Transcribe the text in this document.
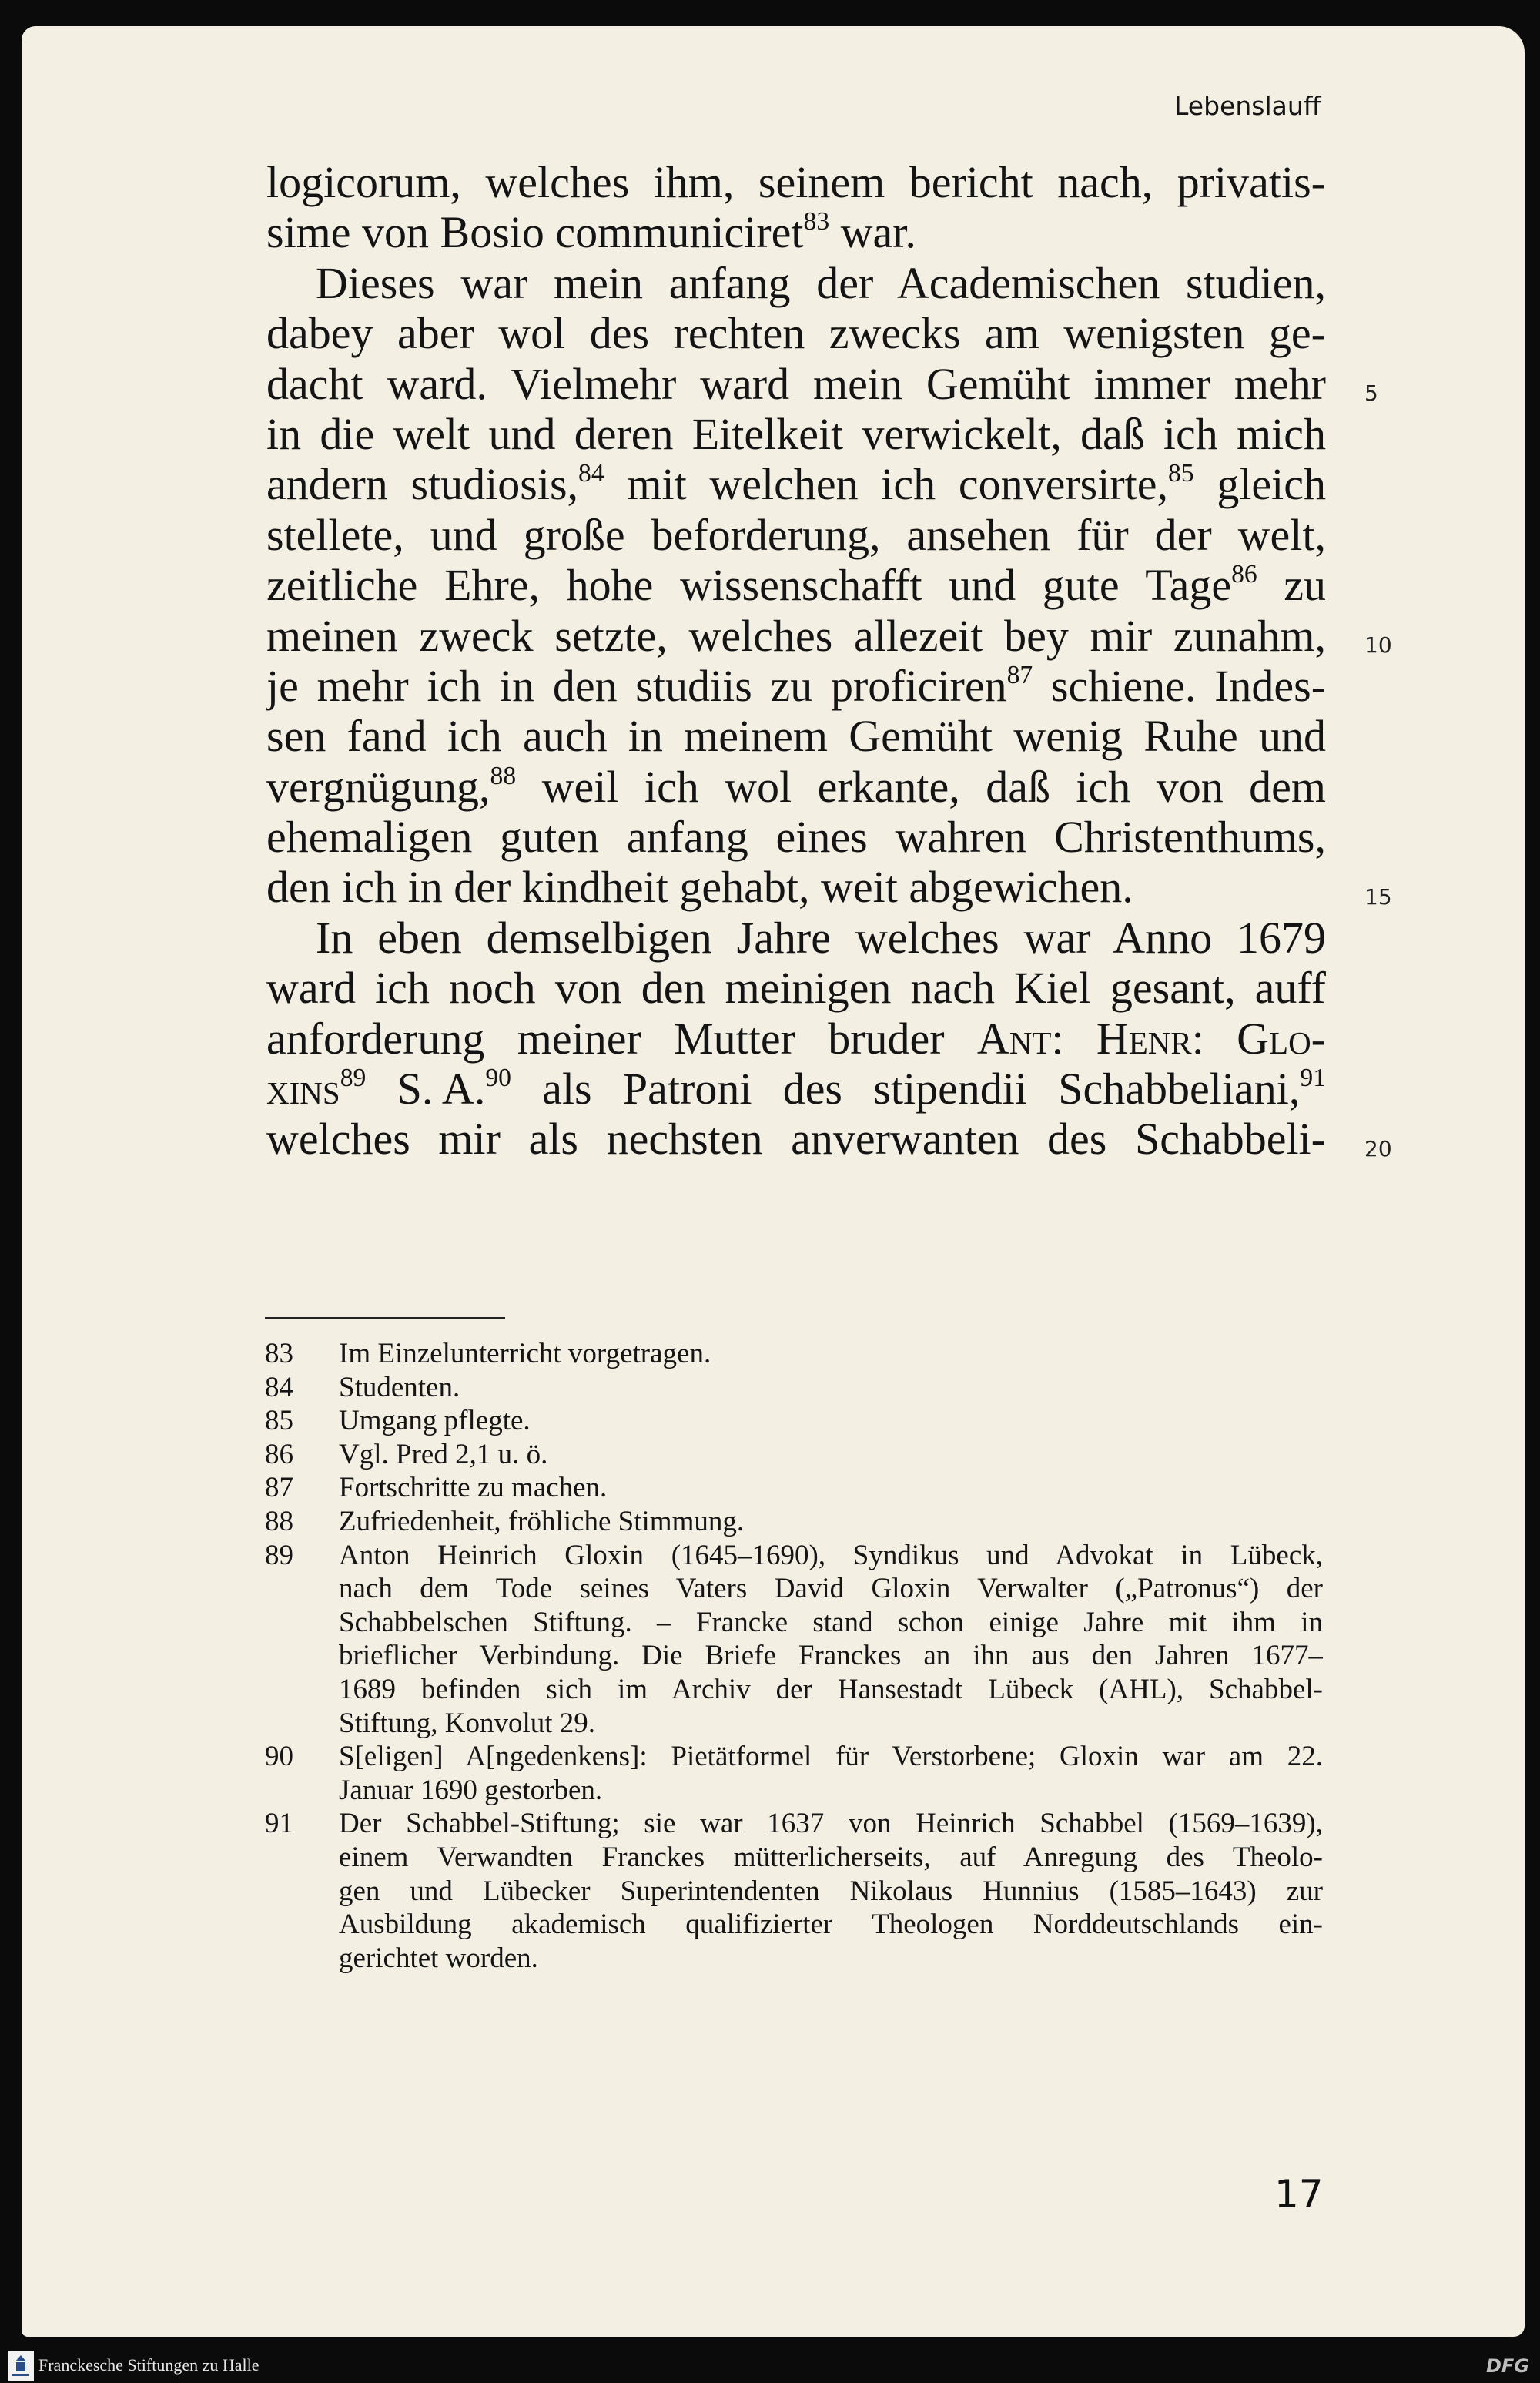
Lebenslauff
logicorum, welches ihm, seinem bericht nach, privatis-
sime von Bosio communiciret$^{83}$ war.
Dieses war mein anfang der Academischen studien,
dabey aber wol des rechten zwecks am wenigsten ge-
dacht ward. Vielmehr ward mein Gemüht immer mehr
in die welt und deren Eitelkeit verwickelt, daß ich mich
andern studiosis,$^{84}$ mit welchen ich conversirte,$^{85}$ gleich
stellete, und große beforderung, ansehen für der welt,
zeitliche Ehre, hohe wissenschafft und gute Tage$^{86}$ zu
meinen zweck setzte, welches allezeit bey mir zunahm,
je mehr ich in den studiis zu proficiren$^{87}$ schiene. Indes-
sen fand ich auch in meinem Gemüht wenig Ruhe und
vergnügung,$^{88}$ weil ich wol erkante, daß ich von dem
ehemaligen guten anfang eines wahren Christenthums,
den ich in der kindheit gehabt, weit abgewichen.
In eben demselbigen Jahre welches war Anno 1679
ward ich noch von den meinigen nach Kiel gesant, auff
anforderung meiner Mutter bruder Ant: Henr: Glo-
xins$^{89}$ S. A.$^{90}$ als Patroni des stipendii Schabbeliani,$^{91}$
welches mir als nechsten anverwanten des Schabbeli-
5
10
15
20
83	Im Einzelunterricht vorgetragen.
84	Studenten.
85	Umgang pflegte.
86	Vgl. Pred 2,1 u. ö.
87	Fortschritte zu machen.
88	Zufriedenheit, fröhliche Stimmung.
89	Anton Heinrich Gloxin (1645–1690), Syndikus und Advokat in Lübeck,
nach dem Tode seines Vaters David Gloxin Verwalter („Patronus“) der
Schabbelschen Stiftung. – Francke stand schon einige Jahre mit ihm in
brieflicher Verbindung. Die Briefe Franckes an ihn aus den Jahren 1677–
1689 befinden sich im Archiv der Hansestadt Lübeck (AHL), Schabbel-
Stiftung, Konvolut 29.
90	S[eligen] A[ngedenkens]: Pietätformel für Verstorbene; Gloxin war am 22.
Januar 1690 gestorben.
91	Der Schabbel-Stiftung; sie war 1637 von Heinrich Schabbel (1569–1639),
einem Verwandten Franckes mütterlicherseits, auf Anregung des Theolo-
gen und Lübecker Superintendenten Nikolaus Hunnius (1585–1643) zur
Ausbildung akademisch qualifizierter Theologen Norddeutschlands ein-
gerichtet worden.
17
Franckesche Stiftungen zu Halle	DFG
